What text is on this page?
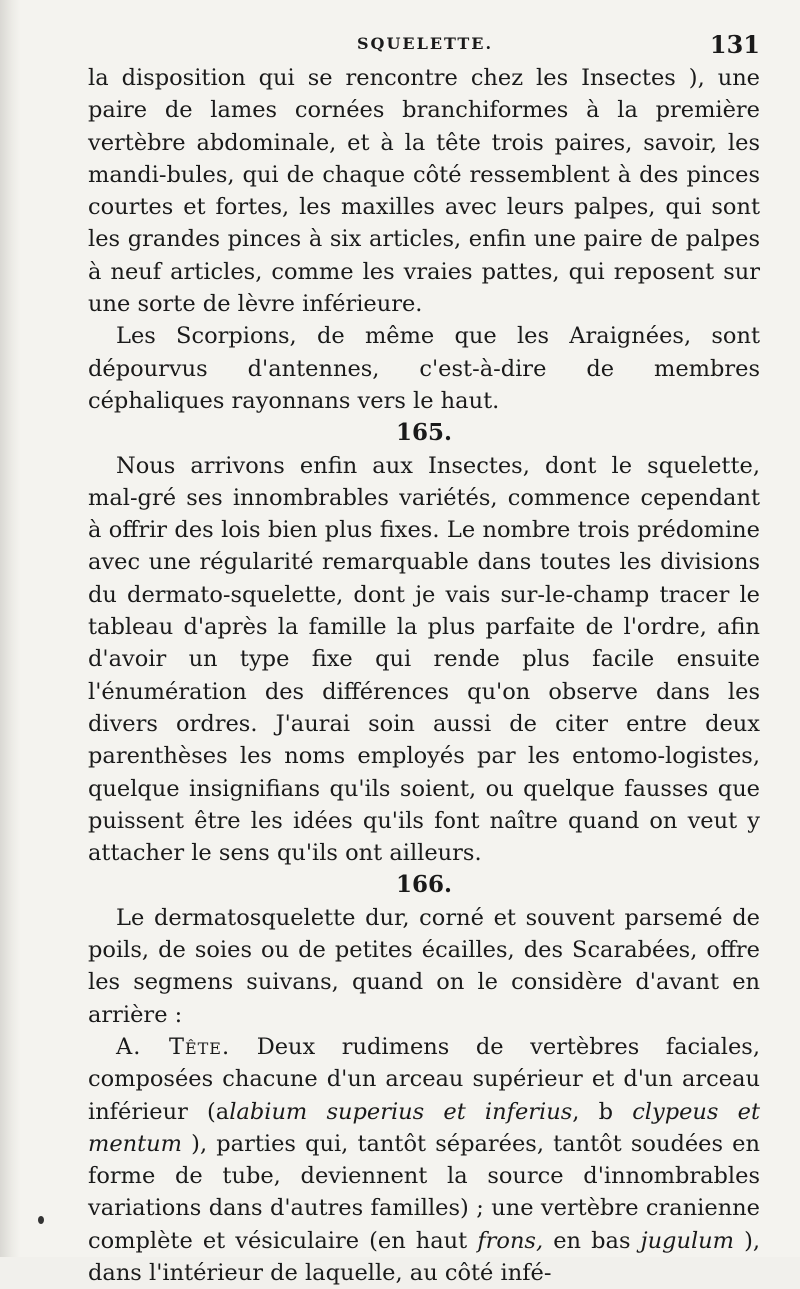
SQUELETTE.	131

la disposition qui se rencontre chez les Insectes ), une paire de lames cornées branchiformes à la première vertèbre abdominale, et à la tête trois paires, savoir, les mandi-bules, qui de chaque côté ressemblent à des pinces courtes et fortes, les maxilles avec leurs palpes, qui sont les grandes pinces à six articles, enfin une paire de palpes à neuf articles, comme les vraies pattes, qui reposent sur une sorte de lèvre inférieure.

Les Scorpions, de même que les Araignées, sont dépourvus d'antennes, c'est-à-dire de membres céphaliques rayonnans vers le haut.

165.

Nous arrivons enfin aux Insectes, dont le squelette, mal-gré ses innombrables variétés, commence cependant à offrir des lois bien plus fixes. Le nombre trois prédomine avec une régularité remarquable dans toutes les divisions du dermato-squelette, dont je vais sur-le-champ tracer le tableau d'après la famille la plus parfaite de l'ordre, afin d'avoir un type fixe qui rende plus facile ensuite l'énumération des différences qu'on observe dans les divers ordres. J'aurai soin aussi de citer entre deux parenthèses les noms employés par les entomo-logistes, quelque insignifians qu'ils soient, ou quelque fausses que puissent être les idées qu'ils font naître quand on veut y attacher le sens qu'ils ont ailleurs.

166.

Le dermatosquelette dur, corné et souvent parsemé de poils, de soies ou de petites écailles, des Scarabées, offre les segmens suivans, quand on le considère d'avant en arrière :

A. Tête. Deux rudimens de vertèbres faciales, composées chacune d'un arceau supérieur et d'un arceau inférieur (alabium superius et inferius, b clypeus et mentum ), parties qui, tantôt séparées, tantôt soudées en forme de tube, deviennent la source d'innombrables variations dans d'autres familles) ; une vertèbre cranienne complète et vésiculaire (en haut frons, en bas jugulum ), dans l'intérieur de laquelle, au côté infé-
